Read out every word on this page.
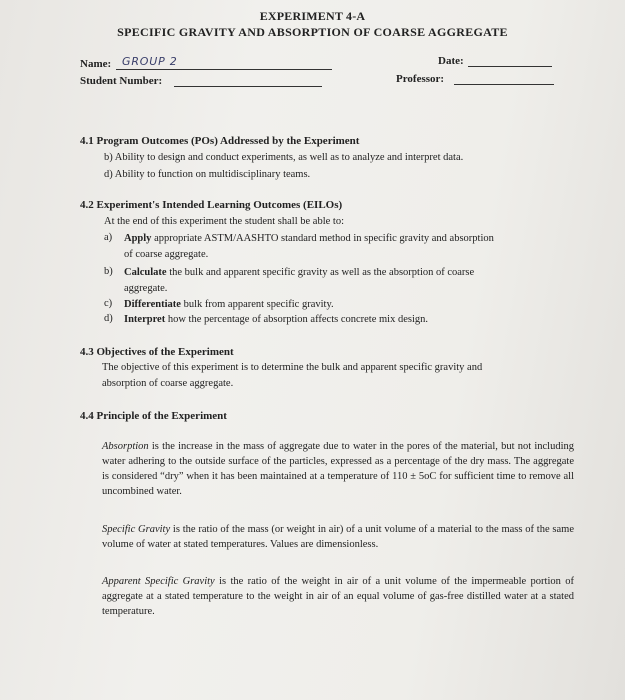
EXPERIMENT 4-A
SPECIFIC GRAVITY AND ABSORPTION OF COARSE AGGREGATE
Name: GROUP 2
Student Number:
Date:
Professor:
4.1 Program Outcomes (POs) Addressed by the Experiment
b) Ability to design and conduct experiments, as well as to analyze and interpret data.
d) Ability to function on multidisciplinary teams.
4.2 Experiment's Intended Learning Outcomes (EILOs)
At the end of this experiment the student shall be able to:
a) Apply appropriate ASTM/AASHTO standard method in specific gravity and absorption
of coarse aggregate.
b) Calculate the bulk and apparent specific gravity as well as the absorption of coarse
aggregate.
c) Differentiate bulk from apparent specific gravity.
d) Interpret how the percentage of absorption affects concrete mix design.
4.3 Objectives of the Experiment
The objective of this experiment is to determine the bulk and apparent specific gravity and
absorption of coarse aggregate.
4.4 Principle of the Experiment
Absorption is the increase in the mass of aggregate due to water in the pores of the material, but not including water adhering to the outside surface of the particles, expressed as a percentage of the dry mass. The aggregate is considered “dry” when it has been maintained at a temperature of 110 ± 5oC for sufficient time to remove all uncombined water.
Specific Gravity is the ratio of the mass (or weight in air) of a unit volume of a material to the mass of the same volume of water at stated temperatures. Values are dimensionless.
Apparent Specific Gravity is the ratio of the weight in air of a unit volume of the impermeable portion of aggregate at a stated temperature to the weight in air of an equal volume of gas-free distilled water at a stated temperature.
